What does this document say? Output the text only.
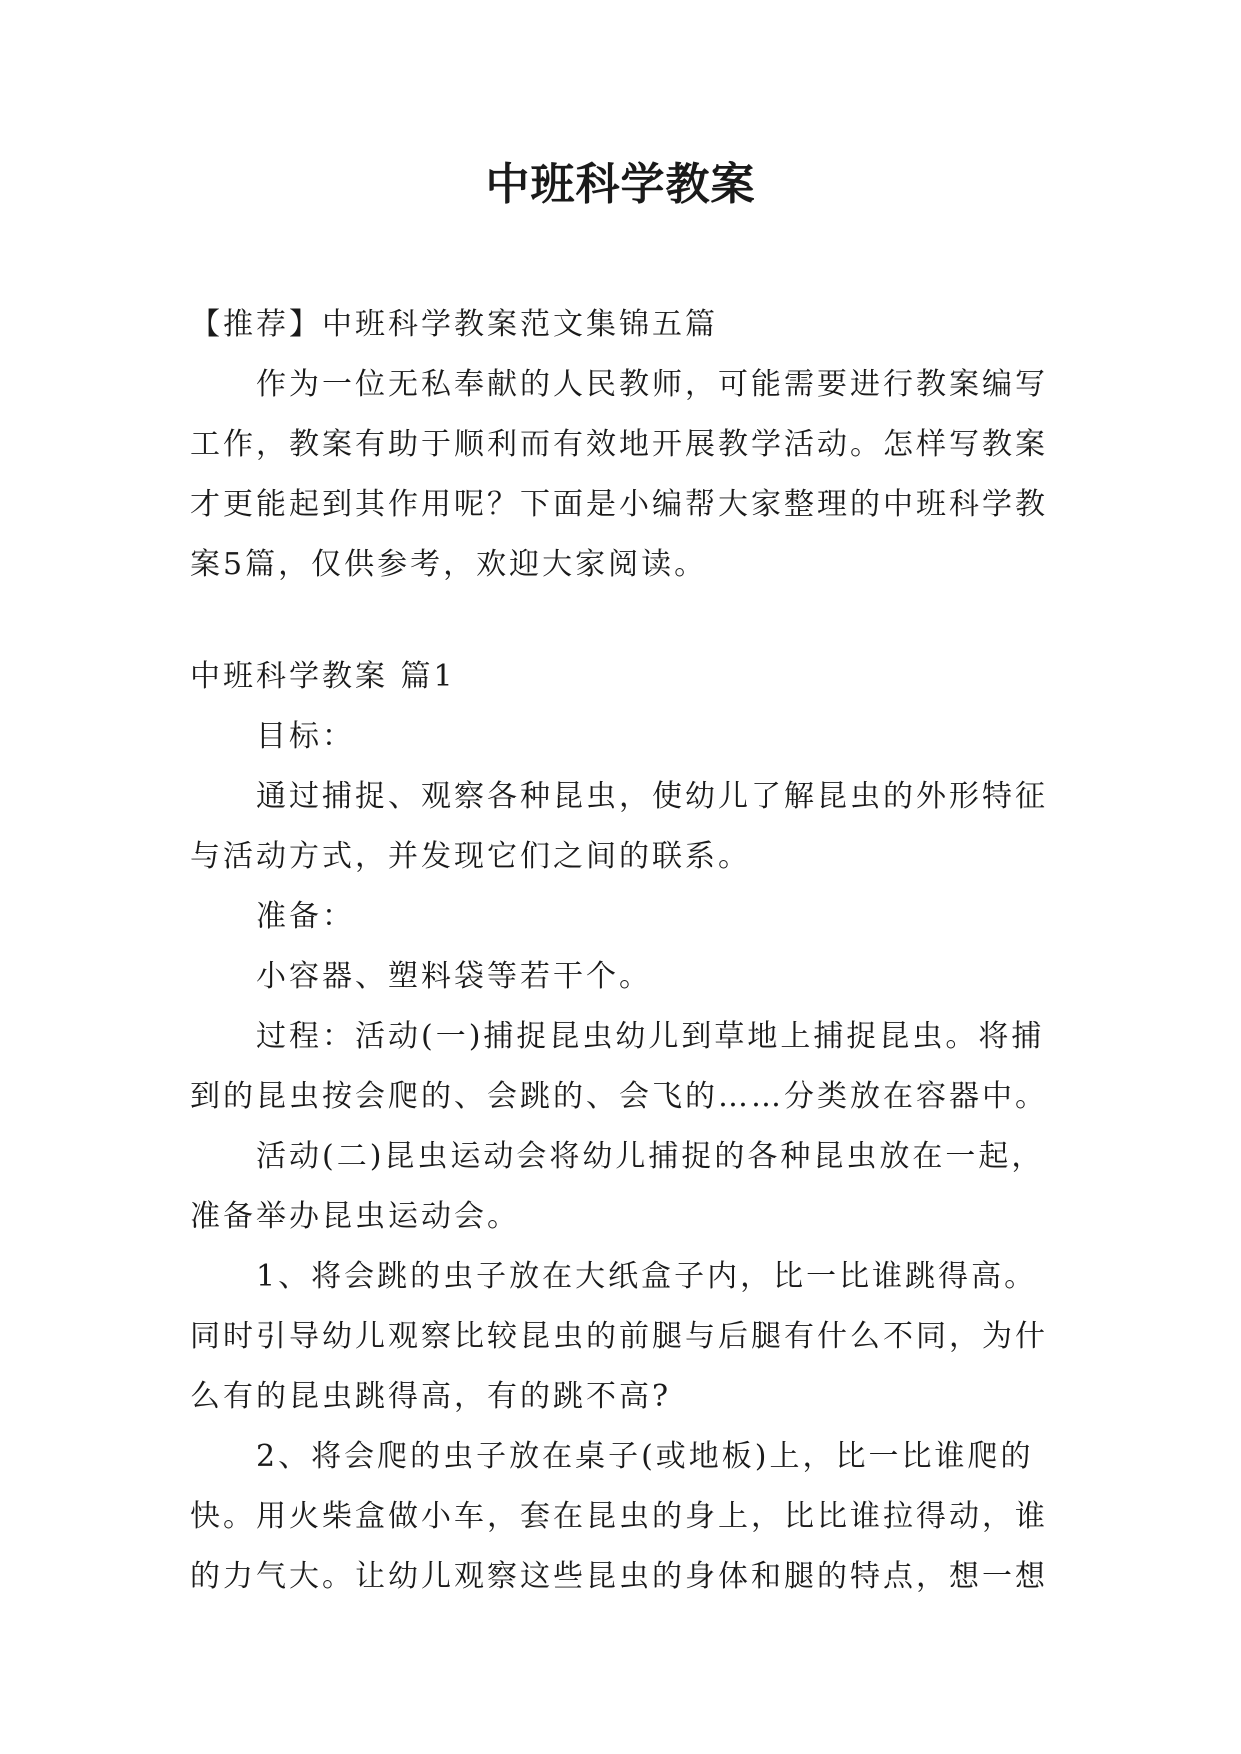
中班科学教案

【推荐】中班科学教案范文集锦五篇

作为一位无私奉献的人民教师，可能需要进行教案编写工作，教案有助于顺利而有效地开展教学活动。怎样写教案才更能起到其作用呢？下面是小编帮大家整理的中班科学教案5篇，仅供参考，欢迎大家阅读。

中班科学教案 篇1

目标：

通过捕捉、观察各种昆虫，使幼儿了解昆虫的外形特征与活动方式，并发现它们之间的联系。

准备：

小容器、塑料袋等若干个。

过程：活动(一)捕捉昆虫幼儿到草地上捕捉昆虫。将捕到的昆虫按会爬的、会跳的、会飞的……分类放在容器中。

活动(二)昆虫运动会将幼儿捕捉的各种昆虫放在一起，准备举办昆虫运动会。

1、将会跳的虫子放在大纸盒子内，比一比谁跳得高。同时引导幼儿观察比较昆虫的前腿与后腿有什么不同，为什么有的昆虫跳得高，有的跳不高?

2、将会爬的虫子放在桌子(或地板)上，比一比谁爬的快。用火柴盒做小车，套在昆虫的身上，比比谁拉得动，谁的力气大。让幼儿观察这些昆虫的身体和腿的特点，想一想
